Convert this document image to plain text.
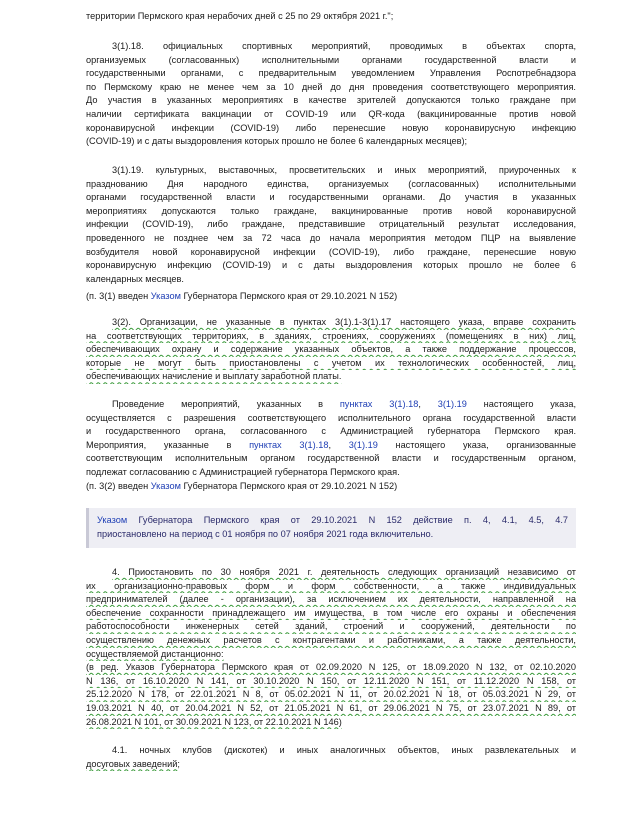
территории Пермского края нерабочих дней с 25 по 29 октября 2021 г.";
3(1).18. официальных спортивных мероприятий, проводимых в объектах спорта,
организуемых (согласованных) исполнительными органами государственной власти и
государственными органами, с предварительным уведомлением Управления Роспотребнадзора
по Пермскому краю не менее чем за 10 дней до дня проведения соответствующего мероприятия.
До участия в указанных мероприятиях в качестве зрителей допускаются только граждане при
наличии сертификата вакцинации от COVID-19 или QR-кода (вакцинированные против новой
коронавирусной инфекции (COVID-19) либо перенесшие новую коронавирусную инфекцию
(COVID-19) и с даты выздоровления которых прошло не более 6 календарных месяцев);
3(1).19. культурных, выставочных, просветительских и иных мероприятий, приуроченных к
празднованию Дня народного единства, организуемых (согласованных) исполнительными
органами государственной власти и государственными органами. До участия в указанных
мероприятиях допускаются только граждане, вакцинированные против новой коронавирусной
инфекции (COVID-19), либо граждане, представившие отрицательный результат исследования,
проведенного не позднее чем за 72 часа до начала мероприятия методом ПЦР на выявление
возбудителя новой коронавирусной инфекции (COVID-19), либо граждане, перенесшие новую
коронавирусную инфекцию (COVID-19) и с даты выздоровления которых прошло не более 6
календарных месяцев.
(п. 3(1) введен Указом Губернатора Пермского края от 29.10.2021 N 152)
3(2). Организации, не указанные в пунктах 3(1).1-3(1).17 настоящего указа, вправе сохранить
на соответствующих территориях, в зданиях, строениях, сооружениях (помещениях в них) лиц,
обеспечивающих охрану и содержание указанных объектов, а также поддержание процессов,
которые не могут быть приостановлены с учетом их технологических особенностей, лиц,
обеспечивающих начисление и выплату заработной платы.
Проведение мероприятий, указанных в пунктах 3(1).18, 3(1).19 настоящего указа,
осуществляется с разрешения соответствующего исполнительного органа государственной власти
и государственного органа, согласованного с Администрацией губернатора Пермского края.
Мероприятия, указанные в пунктах 3(1).18, 3(1).19 настоящего указа, организованные
соответствующим исполнительным органом государственной власти и государственным органом,
подлежат согласованию с Администрацией губернатора Пермского края.
(п. 3(2) введен Указом Губернатора Пермского края от 29.10.2021 N 152)
Указом Губернатора Пермского края от 29.10.2021 N 152 действие п. 4, 4.1, 4.5, 4.7
приостановлено на период с 01 ноября по 07 ноября 2021 года включительно.
4. Приостановить по 30 ноября 2021 г. деятельность следующих организаций независимо от
их организационно-правовых форм и форм собственности, а также индивидуальных
предпринимателей (далее - организации), за исключением их деятельности, направленной на
обеспечение сохранности принадлежащего им имущества, в том числе его охраны и обеспечения
работоспособности инженерных сетей зданий, строений и сооружений, деятельности по
осуществлению денежных расчетов с контрагентами и работниками, а также деятельности,
осуществляемой дистанционно:
(в ред. Указов Губернатора Пермского края от 02.09.2020 N 125, от 18.09.2020 N 132, от 02.10.2020
N 136, от 16.10.2020 N 141, от 30.10.2020 N 150, от 12.11.2020 N 151, от 11.12.2020 N 158, от
25.12.2020 N 178, от 22.01.2021 N 8, от 05.02.2021 N 11, от 20.02.2021 N 18, от 05.03.2021 N 29, от
19.03.2021 N 40, от 20.04.2021 N 52, от 21.05.2021 N 61, от 29.06.2021 N 75, от 23.07.2021 N 89, от
26.08.2021 N 101, от 30.09.2021 N 123, от 22.10.2021 N 146)
4.1. ночных клубов (дискотек) и иных аналогичных объектов, иных развлекательных и
досуговых заведений;
